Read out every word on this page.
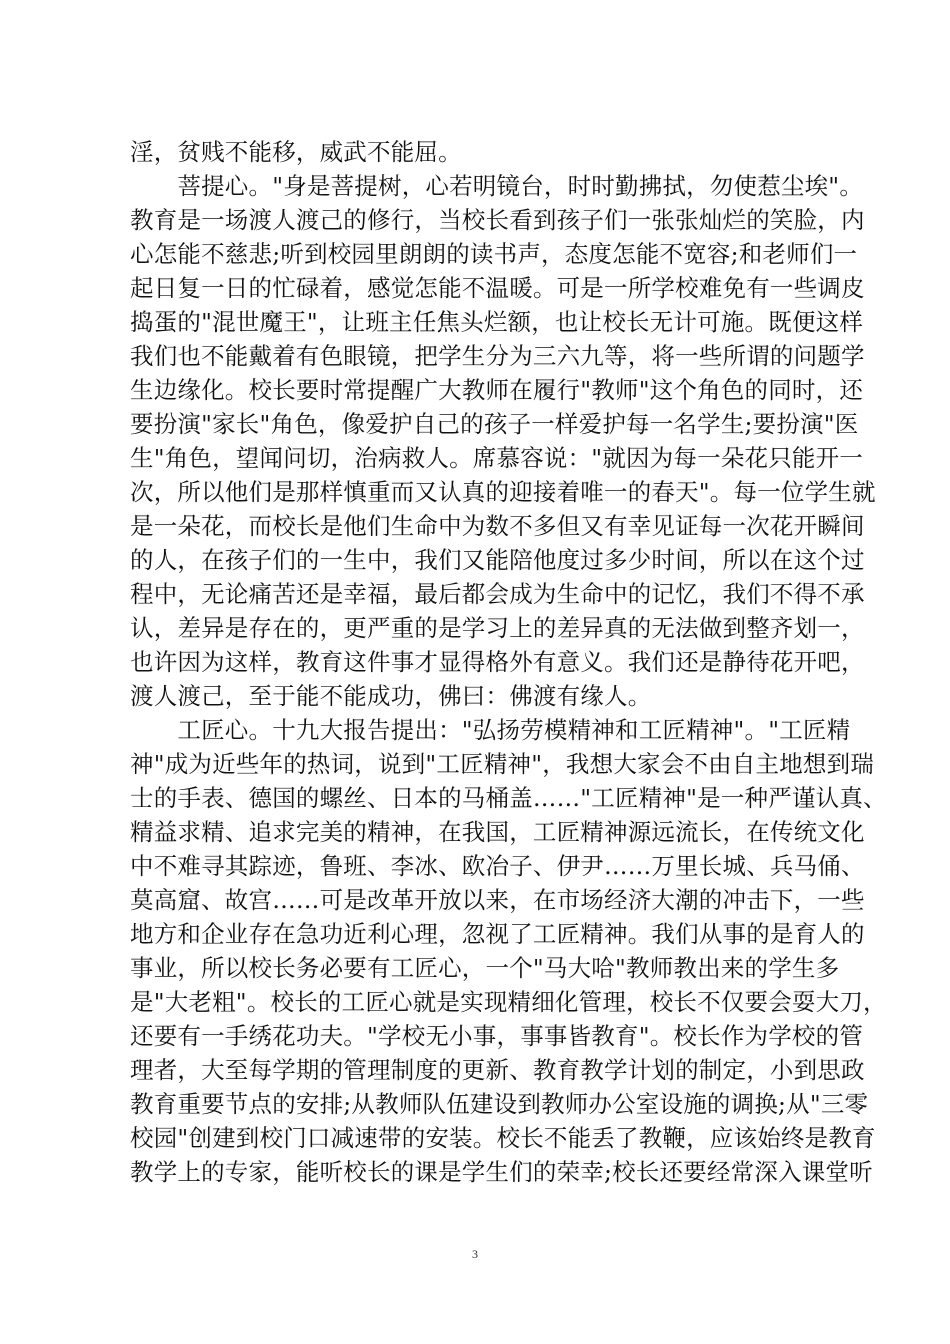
淫，贫贱不能移，威武不能屈。
　　菩提心。"身是菩提树，心若明镜台，时时勤拂拭，勿使惹尘埃"。
教育是一场渡人渡己的修行，当校长看到孩子们一张张灿烂的笑脸，内
心怎能不慈悲;听到校园里朗朗的读书声，态度怎能不宽容;和老师们一
起日复一日的忙碌着，感觉怎能不温暖。可是一所学校难免有一些调皮
捣蛋的"混世魔王"，让班主任焦头烂额，也让校长无计可施。既便这样
我们也不能戴着有色眼镜，把学生分为三六九等，将一些所谓的问题学
生边缘化。校长要时常提醒广大教师在履行"教师"这个角色的同时，还
要扮演"家长"角色，像爱护自己的孩子一样爱护每一名学生;要扮演"医
生"角色，望闻问切，治病救人。席慕容说："就因为每一朵花只能开一
次，所以他们是那样慎重而又认真的迎接着唯一的春天"。每一位学生就
是一朵花，而校长是他们生命中为数不多但又有幸见证每一次花开瞬间
的人，在孩子们的一生中，我们又能陪他度过多少时间，所以在这个过
程中，无论痛苦还是幸福，最后都会成为生命中的记忆，我们不得不承
认，差异是存在的，更严重的是学习上的差异真的无法做到整齐划一，
也许因为这样，教育这件事才显得格外有意义。我们还是静待花开吧，
渡人渡己，至于能不能成功，佛曰：佛渡有缘人。
　　工匠心。十九大报告提出："弘扬劳模精神和工匠精神"。"工匠精
神"成为近些年的热词，说到"工匠精神"，我想大家会不由自主地想到瑞
士的手表、德国的螺丝、日本的马桶盖……"工匠精神"是一种严谨认真、
精益求精、追求完美的精神，在我国，工匠精神源远流长，在传统文化
中不难寻其踪迹，鲁班、李冰、欧冶子、伊尹……万里长城、兵马俑、
莫高窟、故宫……可是改革开放以来，在市场经济大潮的冲击下，一些
地方和企业存在急功近利心理，忽视了工匠精神。我们从事的是育人的
事业，所以校长务必要有工匠心，一个"马大哈"教师教出来的学生多
是"大老粗"。校长的工匠心就是实现精细化管理，校长不仅要会耍大刀，
还要有一手绣花功夫。"学校无小事，事事皆教育"。校长作为学校的管
理者，大至每学期的管理制度的更新、教育教学计划的制定，小到思政
教育重要节点的安排;从教师队伍建设到教师办公室设施的调换;从"三零
校园"创建到校门口减速带的安装。校长不能丢了教鞭，应该始终是教育
教学上的专家，能听校长的课是学生们的荣幸;校长还要经常深入课堂听
3
